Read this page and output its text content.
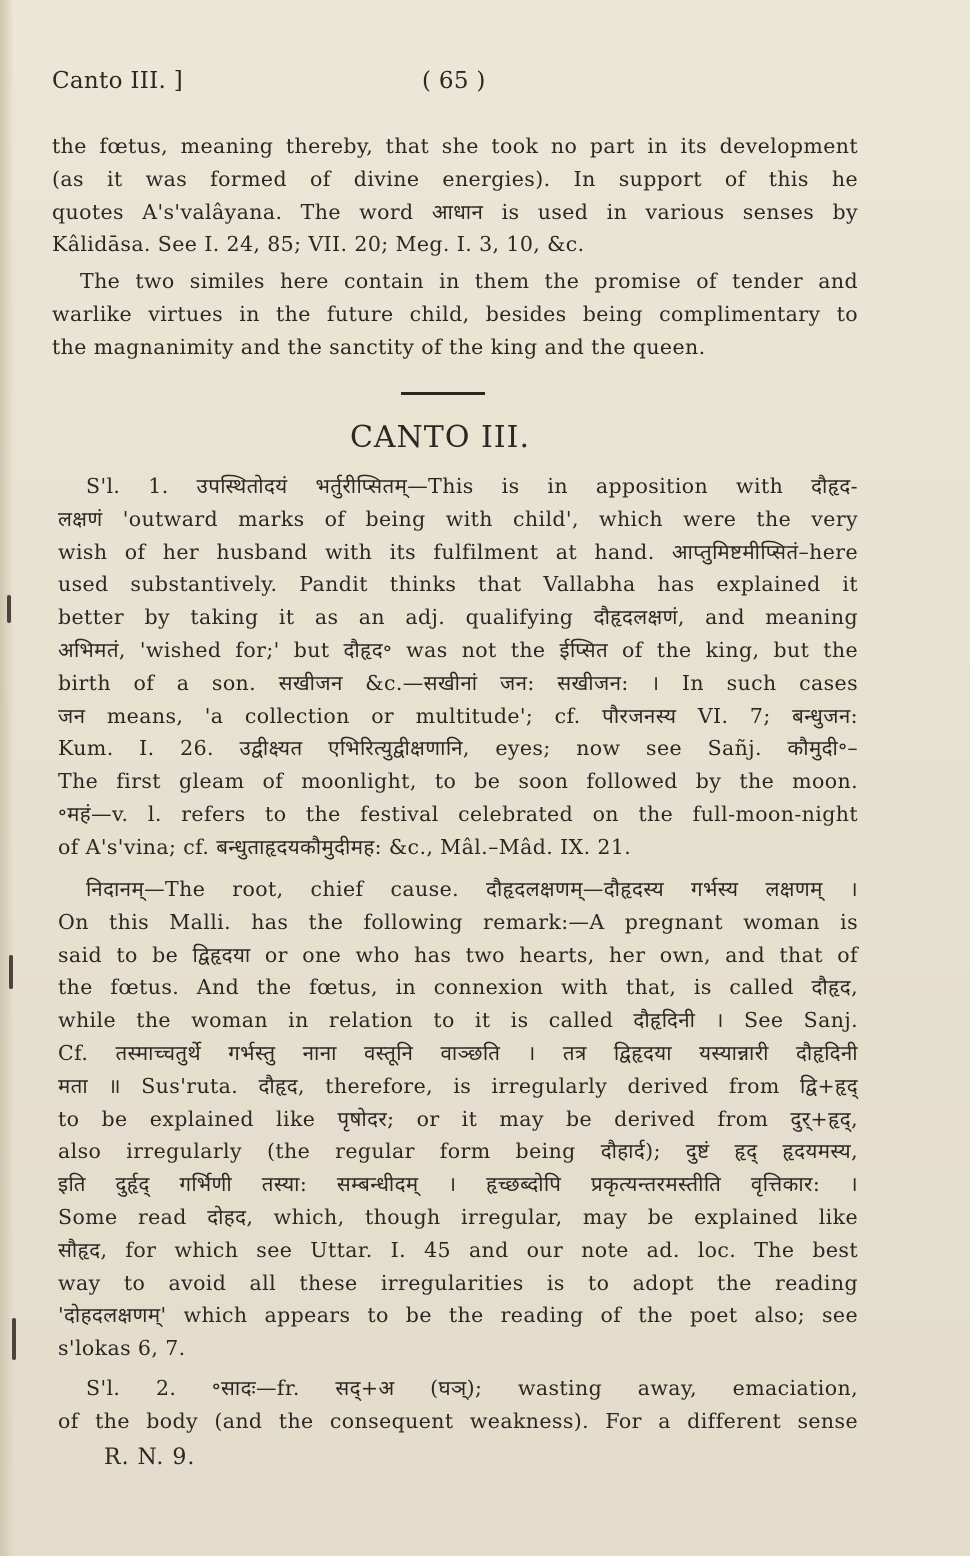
Canto III. ]	( 65 )
the fœtus, meaning thereby, that she took no part in its development
(as it was formed of divine energies). In support of this he
quotes A's'valâyana. The word आधान is used in various senses by
Kâlidāsa. See I. 24, 85; VII. 20; Meg. I. 3, 10, &c.
The two similes here contain in them the promise of tender and
warlike virtues in the future child, besides being complimentary to
the magnanimity and the sanctity of the king and the queen.
CANTO III.
S'l. 1. उपस्थितोदयं भर्तुरीप्सितम्—This is in apposition with दौहृद-
लक्षणं 'outward marks of being with child', which were the very
wish of her husband with its fulfilment at hand. आप्तुमिष्टमीप्सितं–here
used substantively. Pandit thinks that Vallabha has explained it
better by taking it as an adj. qualifying दौहृदलक्षणं, and meaning
अभिमतं, 'wished for;' but दौहृद॰ was not the ईप्सित of the king, but the
birth of a son. सखीजन &c.—सखीनां जन: सखीजन: । In such cases
जन means, 'a collection or multitude'; cf. पौरजनस्य VI. 7; बन्धुजन:
Kum. I. 26. उद्वीक्ष्यत एभिरित्युद्वीक्षणानि, eyes; now see Sañj. कौमुदी॰–
The first gleam of moonlight, to be soon followed by the moon.
॰महं—v. l. refers to the festival celebrated on the full-moon-night
of A's'vina; cf. बन्धुताहृदयकौमुदीमह: &c., Mâl.–Mâd. IX. 21.
निदानम्—The root, chief cause. दौहृदलक्षणम्—दौहृदस्य गर्भस्य लक्षणम् ।
On this Malli. has the following remark:—A pregnant woman is
said to be द्विहृदया or one who has two hearts, her own, and that of
the fœtus. And the fœtus, in connexion with that, is called दौहृद,
while the woman in relation to it is called दौहृदिनी । See Sanj.
Cf. तस्माच्चतुर्थे गर्भस्तु नाना वस्तूनि वाञ्छति । तत्र द्विहृदया यस्यान्नारी दौहृदिनी
मता ॥ Sus'ruta. दौहृद, therefore, is irregularly derived from द्वि+हृद्
to be explained like पृषोदर; or it may be derived from दुर्+हृद्,
also irregularly (the regular form being दौहार्द); दुष्टं हृद् हृदयमस्य,
इति दुर्हृद् गर्भिणी तस्या: सम्बन्धीदम् । हृच्छब्दोपि प्रकृत्यन्तरमस्तीति वृत्तिकार: ।
Some read दोहद, which, though irregular, may be explained like
सौहृद, for which see Uttar. I. 45 and our note ad. loc. The best
way to avoid all these irregularities is to adopt the reading
'दोहदलक्षणम्' which appears to be the reading of the poet also; see
s'lokas 6, 7.
S'l. 2. ॰सादः—fr. सद्+अ (घञ्); wasting away, emaciation,
of the body (and the consequent weakness). For a different sense
R. N. 9.
